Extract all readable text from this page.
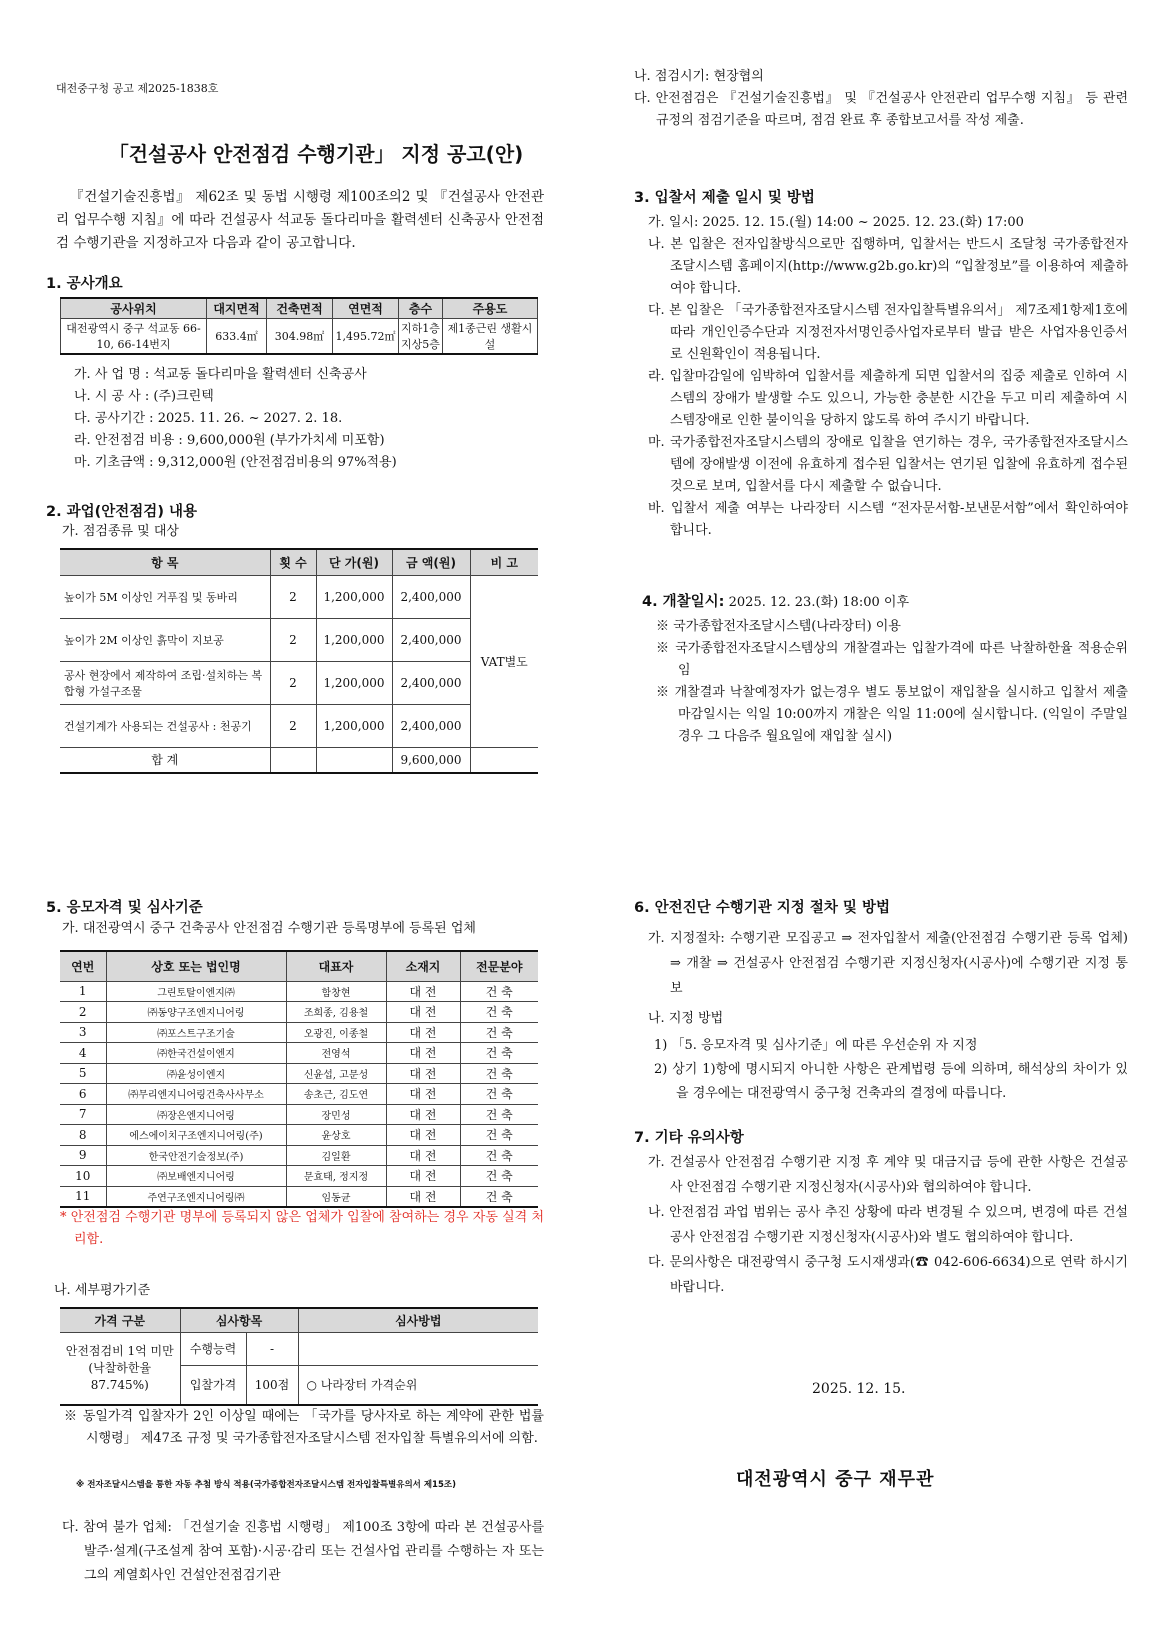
대전중구청 공고 제2025-1838호
「건설공사 안전점검 수행기관」 지정 공고(안)
『건설기술진흥법』 제62조 및 동법 시행령 제100조의2 및 『건설공사 안전관리 업무수행 지침』에 따라 건설공사 석교동 돌다리마을 활력센터 신축공사 안전점검 수행기관을 지정하고자 다음과 같이 공고합니다.
1. 공사개요
공사위치	대지면적	건축면적	연면적	층수	주용도
대전광역시 중구 석교동 66-10, 66-14번지	633.4㎡	304.98㎡	1,495.72㎡	지하1층 지상5층	제1종근린 생활시설
가. 사 업 명 : 석교동 돌다리마을 활력센터 신축공사
나. 시 공 사 : (주)크린텍
다. 공사기간 : 2025. 11. 26. ~ 2027. 2. 18.
라. 안전점검 비용 : 9,600,000원 (부가가치세 미포함)
마. 기초금액 : 9,312,000원 (안전점검비용의 97%적용)
2. 과업(안전점검) 내용
가. 점검종류 및 대상
항 목	횟 수	단 가(원)	금 액(원)	비 고
높이가 5M 이상인 거푸집 및 동바리	2	1,200,000	2,400,000	VAT별도
높이가 2M 이상인 흙막이 지보공	2	1,200,000	2,400,000	
공사 현장에서 제작하여 조립·설치하는 복합형 가설구조물	2	1,200,000	2,400,000	
건설기계가 사용되는 건설공사 : 천공기	2	1,200,000	2,400,000	
합 계			9,600,000	
나. 점검시기: 현장협의
다. 안전점검은 『건설기술진흥법』 및 『건설공사 안전관리 업무수행 지침』 등 관련 규정의 점검기준을 따르며, 점검 완료 후 종합보고서를 작성 제출.
3. 입찰서 제출 일시 및 방법
가. 일시: 2025. 12. 15.(월) 14:00 ~ 2025. 12. 23.(화) 17:00
나. 본 입찰은 전자입찰방식으로만 집행하며, 입찰서는 반드시 조달청 국가종합전자조달시스템 홈페이지(http://www.g2b.go.kr)의 “입찰정보”를 이용하여 제출하여야 합니다.
다. 본 입찰은 「국가종합전자조달시스템 전자입찰특별유의서」 제7조제1항제1호에 따라 개인인증수단과 지정전자서명인증사업자로부터 발급 받은 사업자용인증서로 신원확인이 적용됩니다.
라. 입찰마감일에 임박하여 입찰서를 제출하게 되면 입찰서의 집중 제출로 인하여 시스템의 장애가 발생할 수도 있으니, 가능한 충분한 시간을 두고 미리 제출하여 시스템장애로 인한 불이익을 당하지 않도록 하여 주시기 바랍니다.
마. 국가종합전자조달시스템의 장애로 입찰을 연기하는 경우, 국가종합전자조달시스템에 장애발생 이전에 유효하게 접수된 입찰서는 연기된 입찰에 유효하게 접수된 것으로 보며, 입찰서를 다시 제출할 수 없습니다.
바. 입찰서 제출 여부는 나라장터 시스템 “전자문서함-보낸문서함”에서 확인하여야 합니다.
4. 개찰일시: 2025. 12. 23.(화) 18:00 이후
※ 국가종합전자조달시스템(나라장터) 이용
※ 국가종합전자조달시스템상의 개찰결과는 입찰가격에 따른 낙찰하한율 적용순위임
※ 개찰결과 낙찰예정자가 없는경우 별도 통보없이 재입찰을 실시하고 입찰서 제출 마감일시는 익일 10:00까지 개찰은 익일 11:00에 실시합니다. (익일이 주말일 경우 그 다음주 월요일에 재입찰 실시)
5. 응모자격 및 심사기준
가. 대전광역시 중구 건축공사 안전점검 수행기관 등록명부에 등록된 업체
연번	상호 또는 법인명	대표자	소재지	전문분야
1	그린토탈이엔지㈜	함창현	대 전	건 축
2	㈜동양구조엔지니어링	조희종, 김용철	대 전	건 축
3	㈜포스트구조기술	오광진, 이종철	대 전	건 축
4	㈜한국건설이엔지	전영석	대 전	건 축
5	㈜윤성이엔지	신윤섭, 고문성	대 전	건 축
6	㈜무리엔지니어링건축사사무소	송초근, 김도연	대 전	건 축
7	㈜장은엔지니어링	장민성	대 전	건 축
8	에스에이치구조엔지니어링(주)	윤상호	대 전	건 축
9	한국안전기술정보(주)	김일환	대 전	건 축
10	㈜보배엔지니어링	문효태, 정지정	대 전	건 축
11	주연구조엔지니어링㈜	임동균	대 전	건 축
* 안전점검 수행기관 명부에 등록되지 않은 업체가 입찰에 참여하는 경우 자동 실격 처리함.
나. 세부평가기준
가격 구분	심사항목		심사방법
안전점검비 1억 미만 (낙찰하한율 87.745%)	수행능력	-	
	입찰가격	100점	○ 나라장터 가격순위
※ 동일가격 입찰자가 2인 이상일 때에는 「국가를 당사자로 하는 계약에 관한 법률 시행령」 제47조 규정 및 국가종합전자조달시스템 전자입찰 특별유의서에 의함.
※ 전자조달시스템을 통한 자동 추첨 방식 적용(국가종합전자조달시스템 전자입찰특별유의서 제15조)
다. 참여 불가 업체: 「건설기술 진흥법 시행령」 제100조 3항에 따라 본 건설공사를 발주·설계(구조설계 참여 포함)·시공·감리 또는 건설사업 관리를 수행하는 자 또는 그의 계열회사인 건설안전점검기관
6. 안전진단 수행기관 지정 절차 및 방법
가. 지정절차: 수행기관 모집공고 ⇒ 전자입찰서 제출(안전점검 수행기관 등록 업체) ⇒ 개찰 ⇒ 건설공사 안전점검 수행기관 지정신청자(시공사)에 수행기관 지정 통보
나. 지정 방법
1) 「5. 응모자격 및 심사기준」에 따른 우선순위 자 지정
2) 상기 1)항에 명시되지 아니한 사항은 관계법령 등에 의하며, 해석상의 차이가 있을 경우에는 대전광역시 중구청 건축과의 결정에 따릅니다.
7. 기타 유의사항
가. 건설공사 안전점검 수행기관 지정 후 계약 및 대금지급 등에 관한 사항은 건설공사 안전점검 수행기관 지정신청자(시공사)와 협의하여야 합니다.
나. 안전점검 과업 범위는 공사 추진 상황에 따라 변경될 수 있으며, 변경에 따른 건설공사 안전점검 수행기관 지정신청자(시공사)와 별도 협의하여야 합니다.
다. 문의사항은 대전광역시 중구청 도시재생과(☎ 042-606-6634)으로 연락 하시기 바랍니다.
2025. 12. 15.
대전광역시 중구 재무관
